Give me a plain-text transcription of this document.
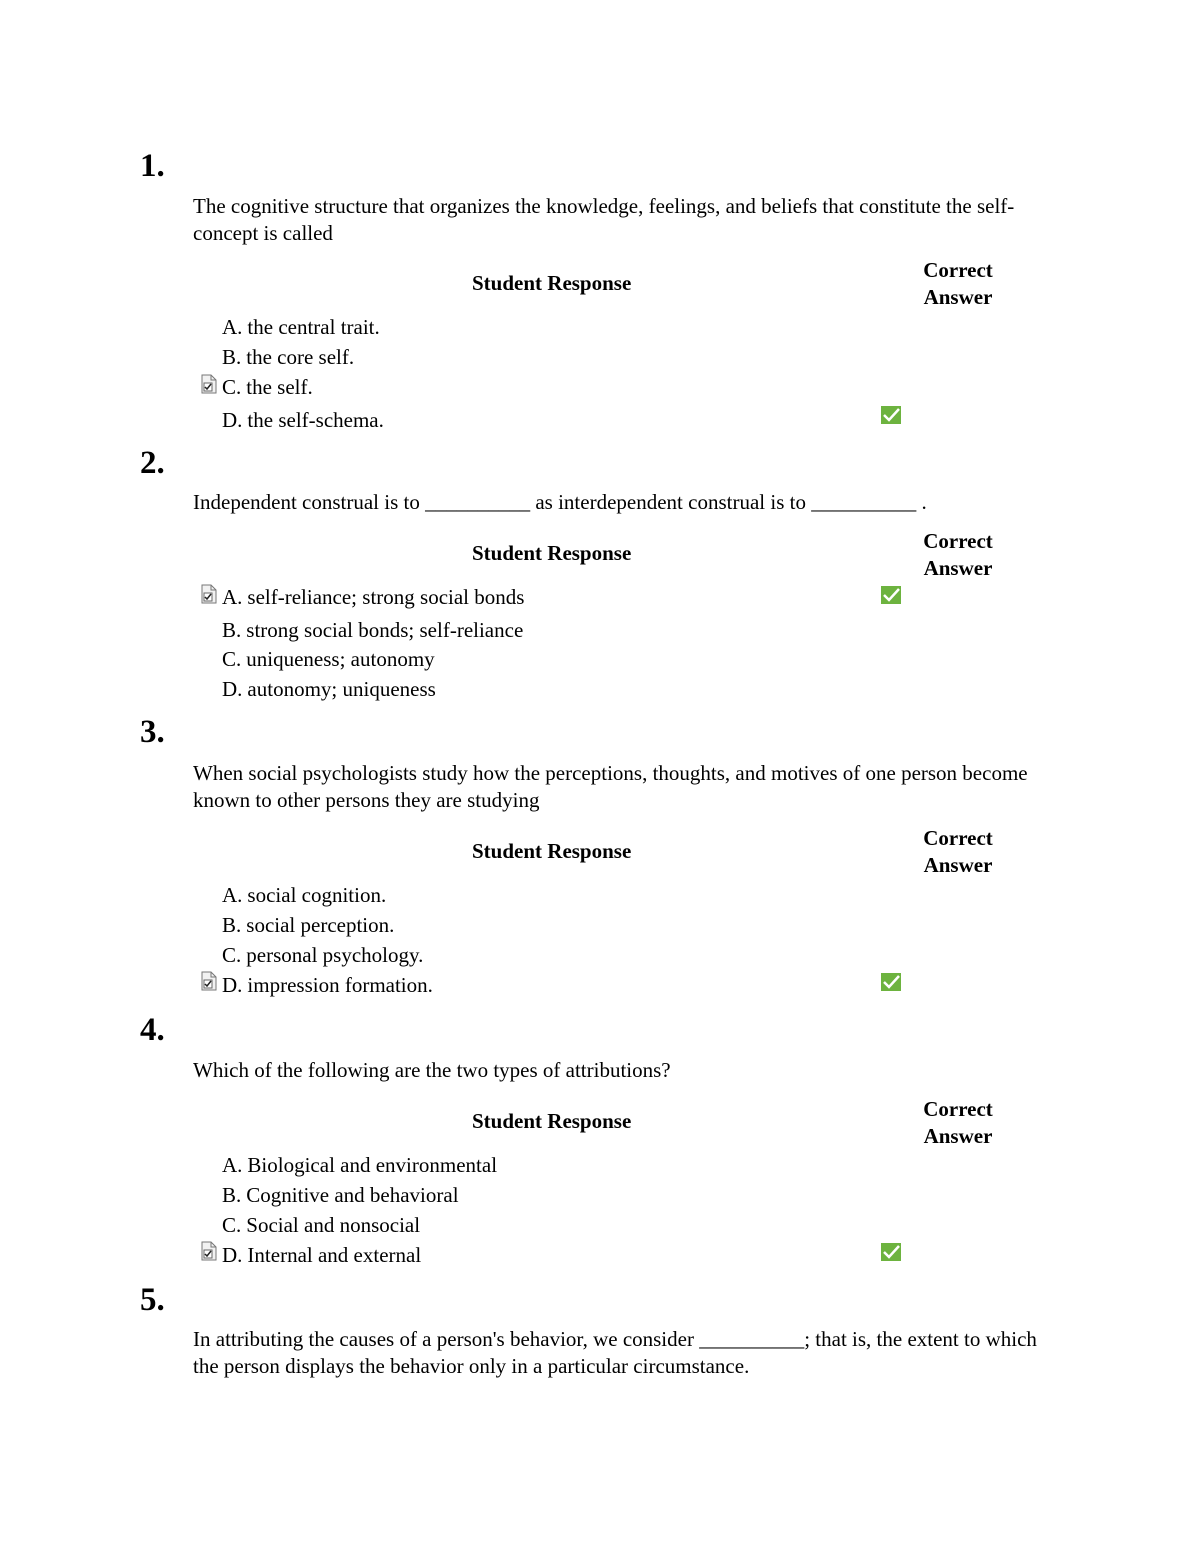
1.
The cognitive structure that organizes the knowledge, feelings, and beliefs that constitute the self-concept is called
Student Response
Correct Answer
A. the central trait.
B. the core self.
C. the self.
D. the self-schema.
2.
Independent construal is to __________ as interdependent construal is to __________ .
Student Response	Correct Answer
A. self-reliance; strong social bonds
B. strong social bonds; self-reliance
C. uniqueness; autonomy
D. autonomy; uniqueness
3.
When social psychologists study how the perceptions, thoughts, and motives of one person become known to other persons they are studying
Student Response
Correct Answer
A. social cognition.
B. social perception.
C. personal psychology.
D. impression formation.
4.
Which of the following are the two types of attributions?
Student Response	Correct Answer
A. Biological and environmental
B. Cognitive and behavioral
C. Social and nonsocial
D. Internal and external
5.
In attributing the causes of a person's behavior, we consider __________; that is, the extent to which the person displays the behavior only in a particular circumstance.
